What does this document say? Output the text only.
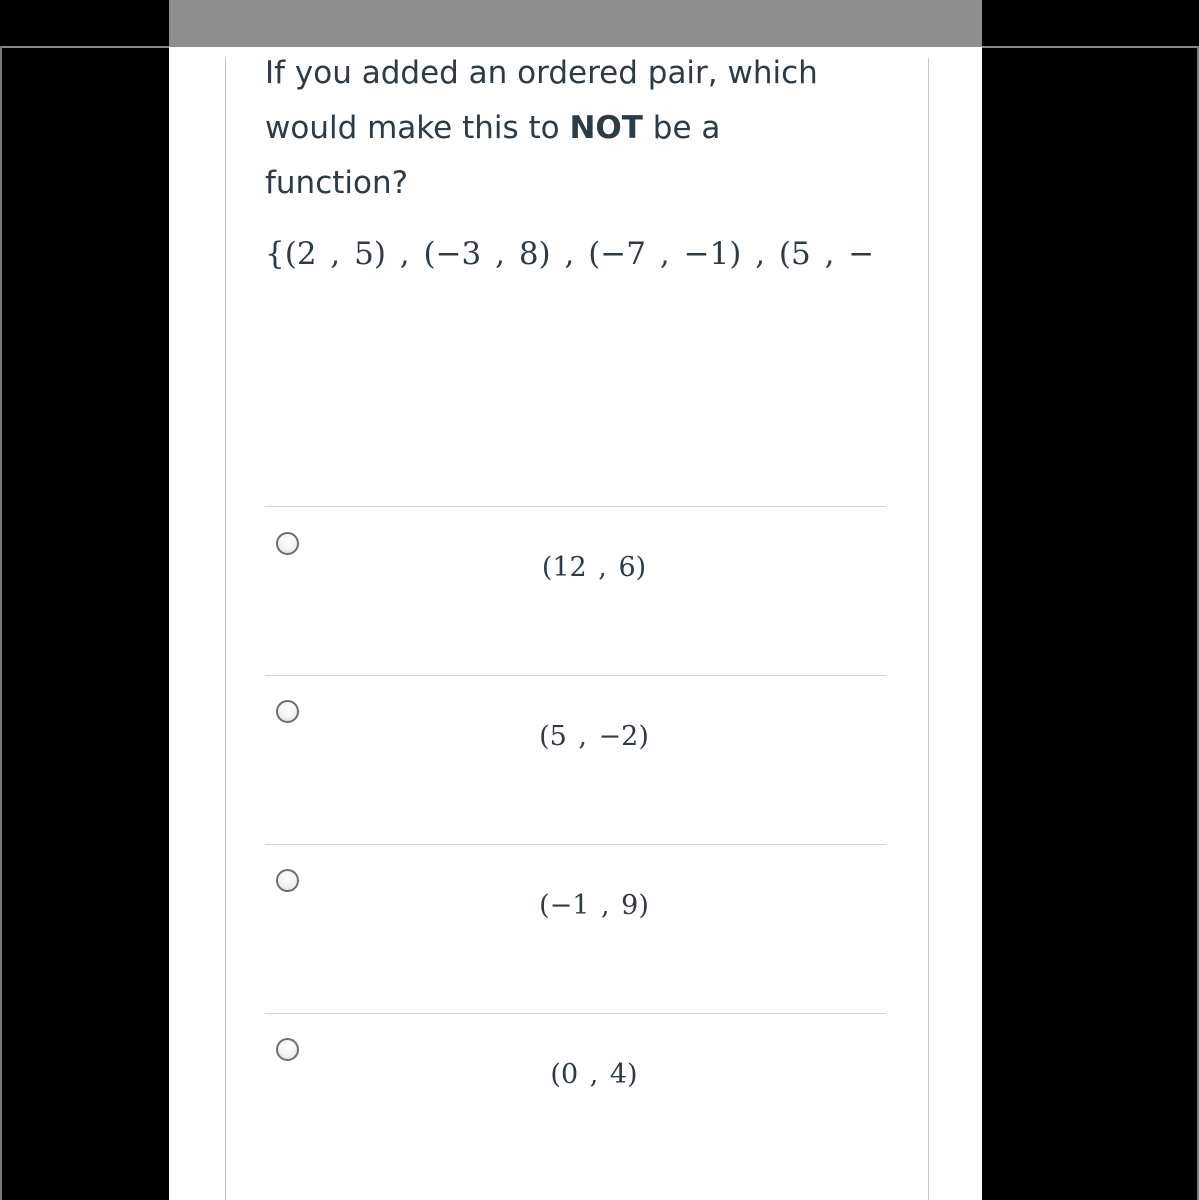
If you added an ordered pair, which
would make this to NOT be a
function?
{(2 , 5) , (−3 , 8) , (−7 , −1) , (5 , −
(12 , 6)
(5 , −2)
(−1 , 9)
(0 , 4)
